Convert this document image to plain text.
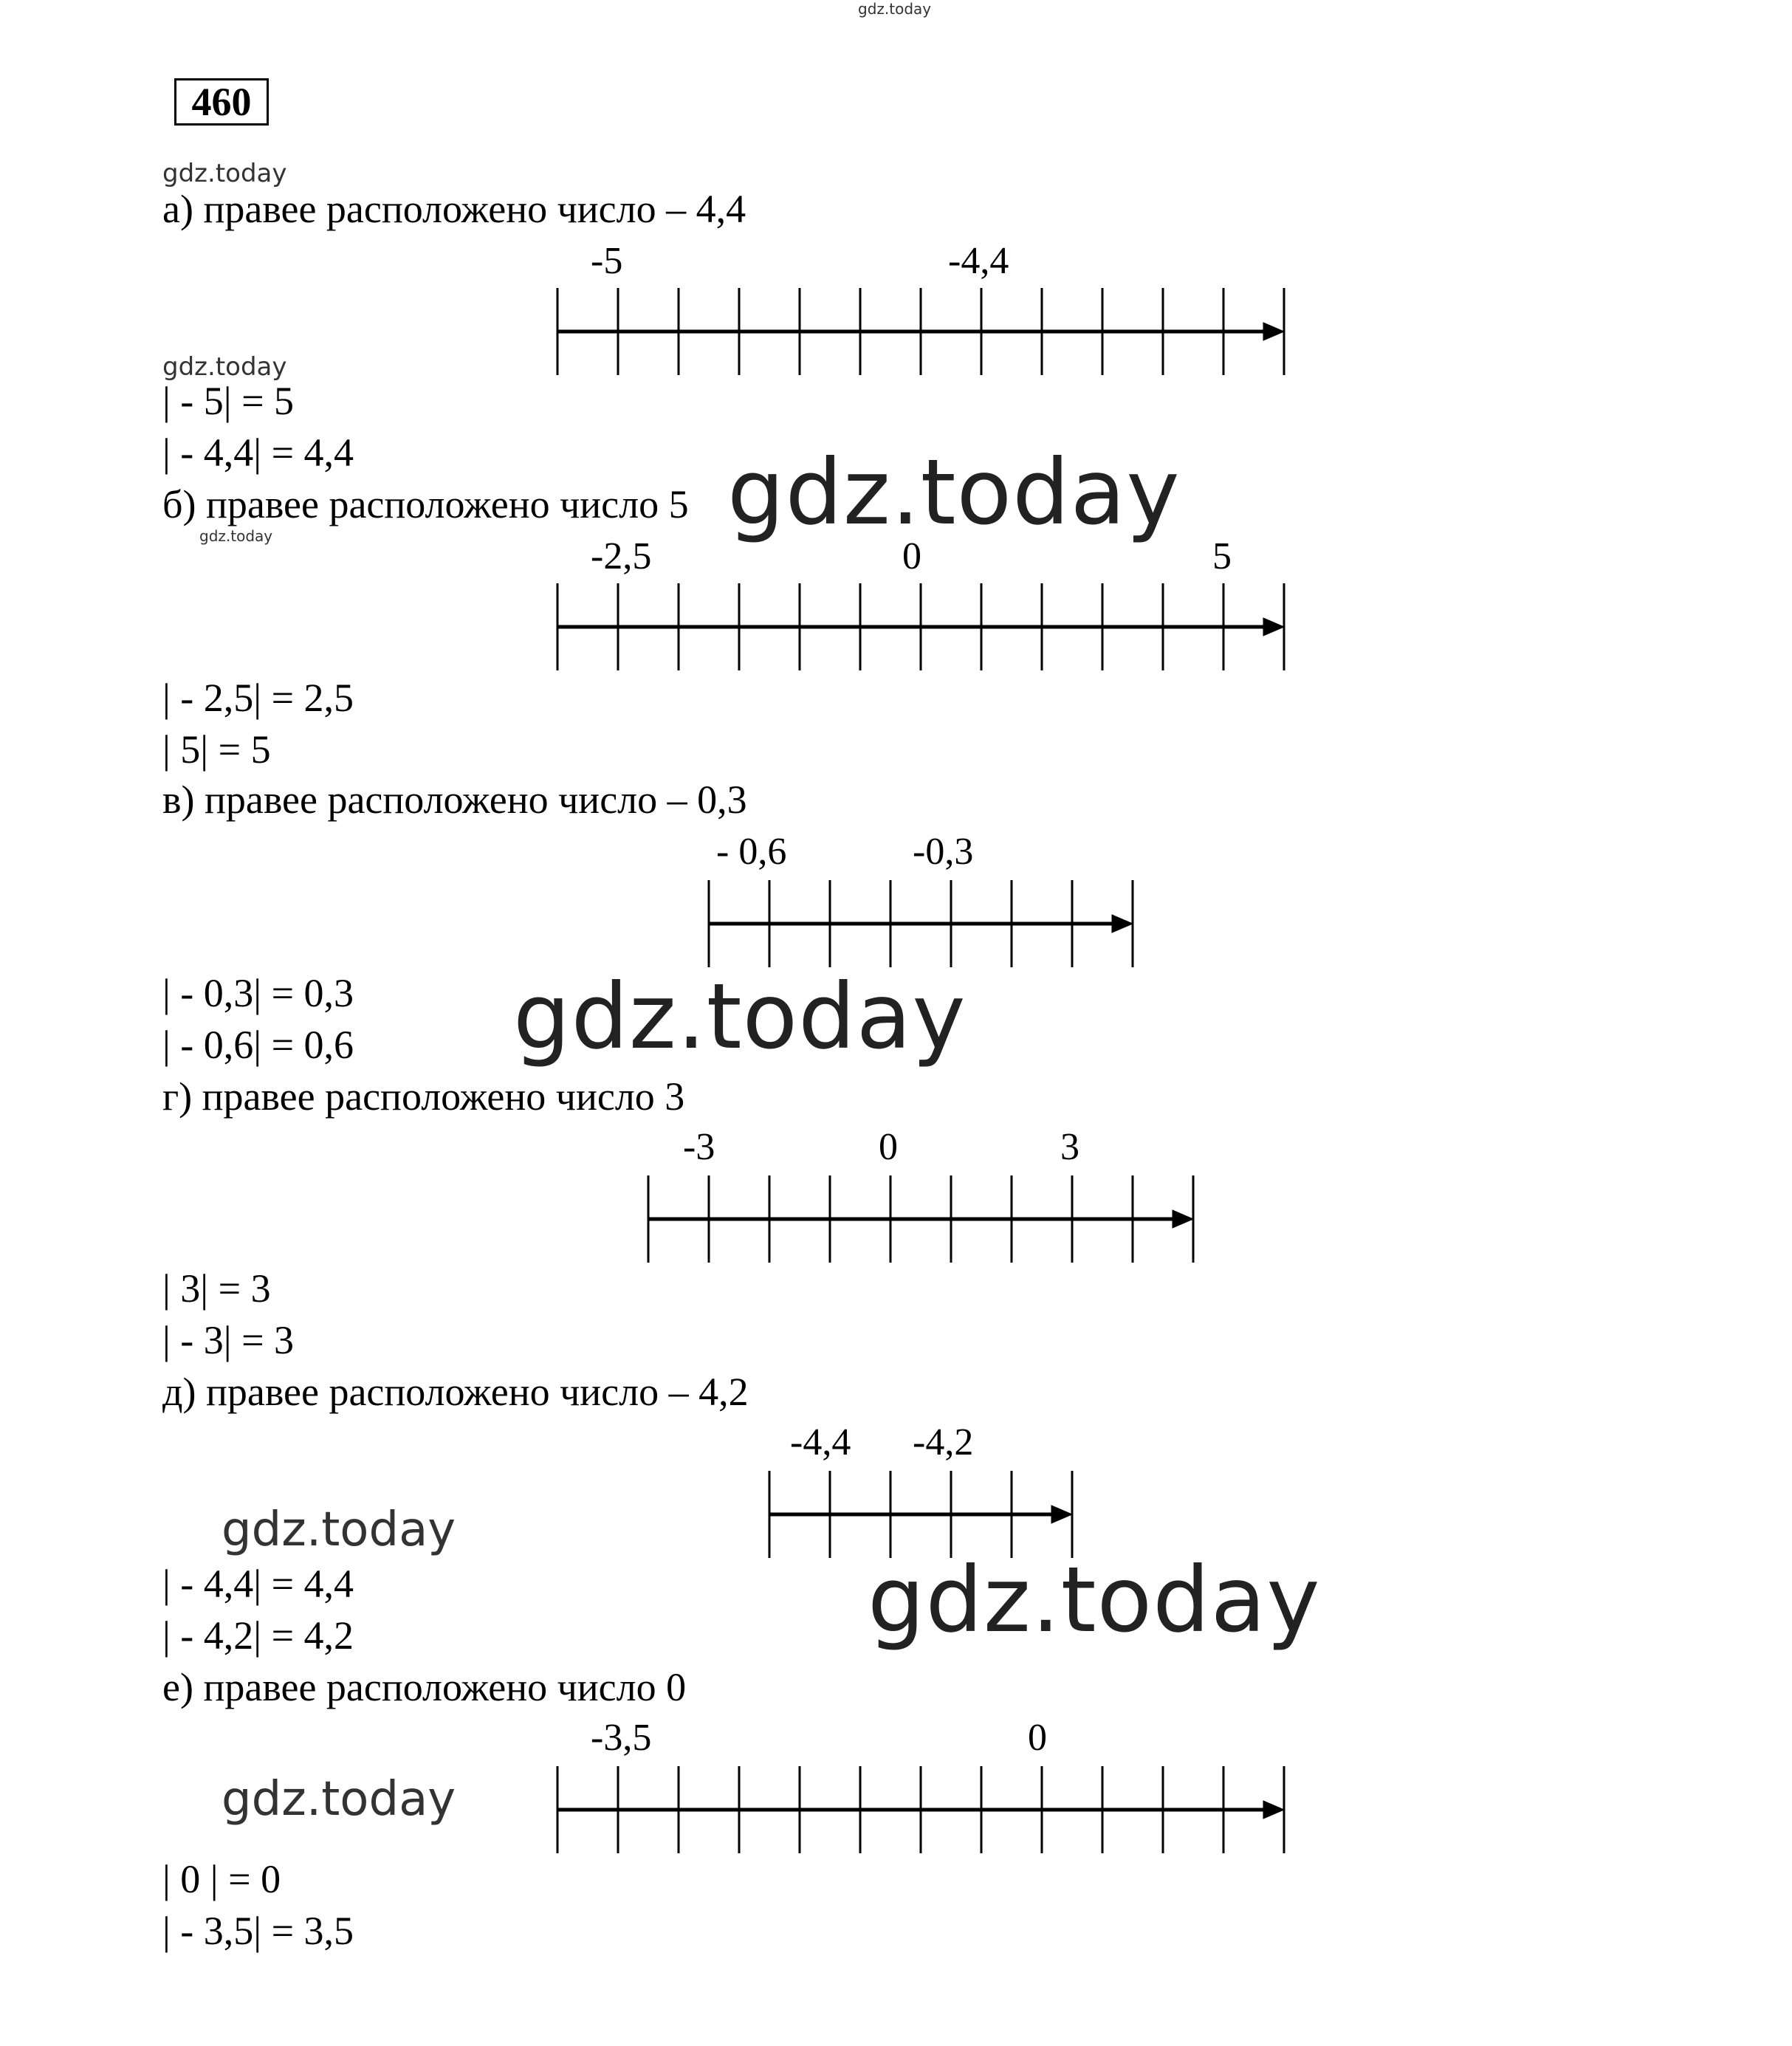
gdz.today
gdz.today
gdz.today
gdz.today
gdz.today
gdz.today
460
а) правее расположено число – 4,4
-5	-4,4
| - 5| = 5
| - 4,4| = 4,4
б) правее расположено число 5 gdz.today
-2,5	0	5
| - 2,5| = 2,5
| 5| = 5
в) правее расположено число – 0,3
- 0,6	-0,3
| - 0,3| = 0,3
| - 0,6| = 0,6 gdz.today
г) правее расположено число 3
-3	0	3
| 3| = 3
| - 3| = 3
д) правее расположено число – 4,2
-4,4 -4,2
| - 4,4| = 4,4
| - 4,2| = 4,2	gdz.today
е) правее расположено число 0
-3,5	0
| 0 | = 0
| - 3,5| = 3,5
